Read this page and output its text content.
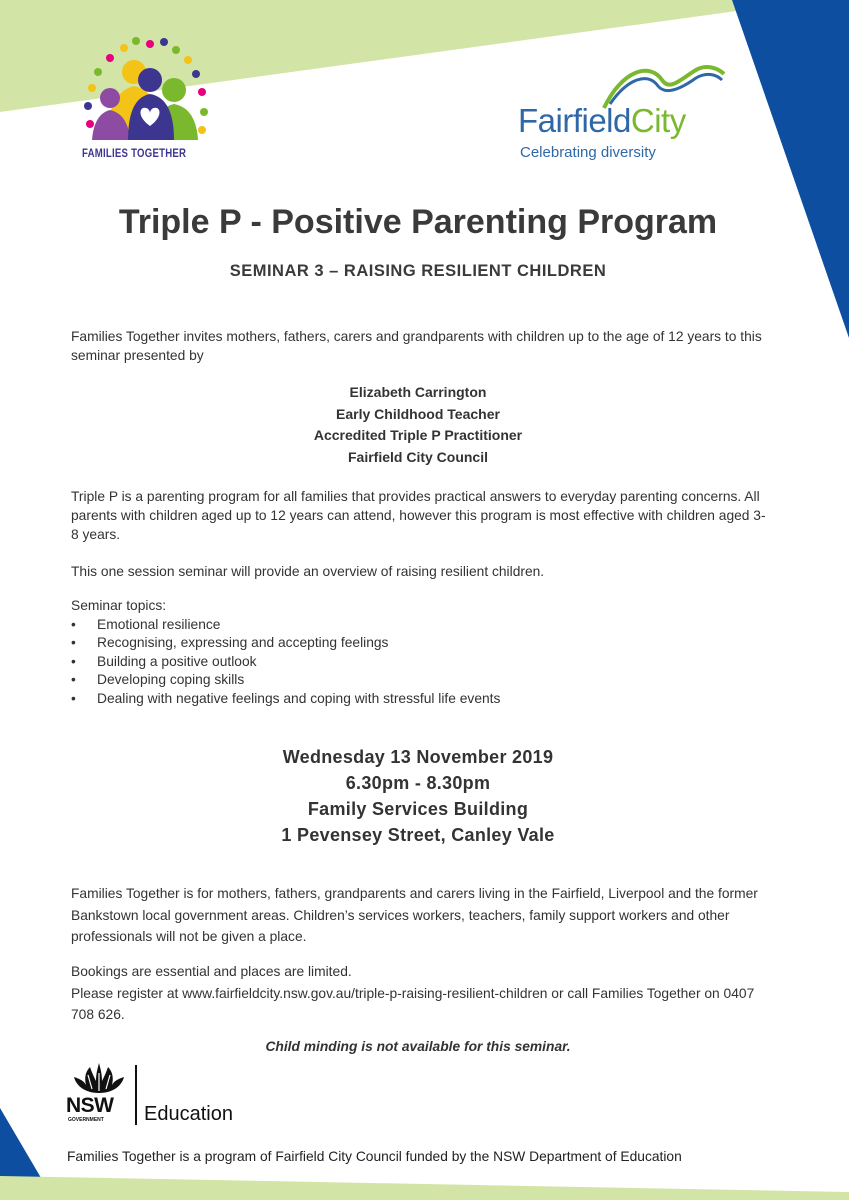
FAMILIES TOGETHER
FairfieldCity
Celebrating diversity
Triple P - Positive Parenting Program
SEMINAR 3 – RAISING RESILIENT CHILDREN
Families Together invites mothers, fathers, carers and grandparents with children up to the age of 12 years to this seminar presented by
Elizabeth Carrington
Early Childhood Teacher
Accredited Triple P Practitioner
Fairfield City Council
Triple P is a parenting program for all families that provides practical answers to everyday parenting concerns. All parents with children aged up to 12 years can attend, however this program is most effective with children aged 3-8 years.
This one session seminar will provide an overview of raising resilient children.
Seminar topics:
• Emotional resilience
• Recognising, expressing and accepting feelings
• Building a positive outlook
• Developing coping skills
• Dealing with negative feelings and coping with stressful life events
Wednesday 13 November 2019
6.30pm - 8.30pm
Family Services Building
1 Pevensey Street, Canley Vale
Families Together is for mothers, fathers, grandparents and carers living in the Fairfield, Liverpool and the former Bankstown local government areas. Children’s services workers, teachers, family support workers and other professionals will not be given a place.
Bookings are essential and places are limited.
Please register at www.fairfieldcity.nsw.gov.au/triple-p-raising-resilient-children or call Families Together on 0407 708 626.
Child minding is not available for this seminar.
NSW
GOVERNMENT Education
Families Together is a program of Fairfield City Council funded by the NSW Department of Education
